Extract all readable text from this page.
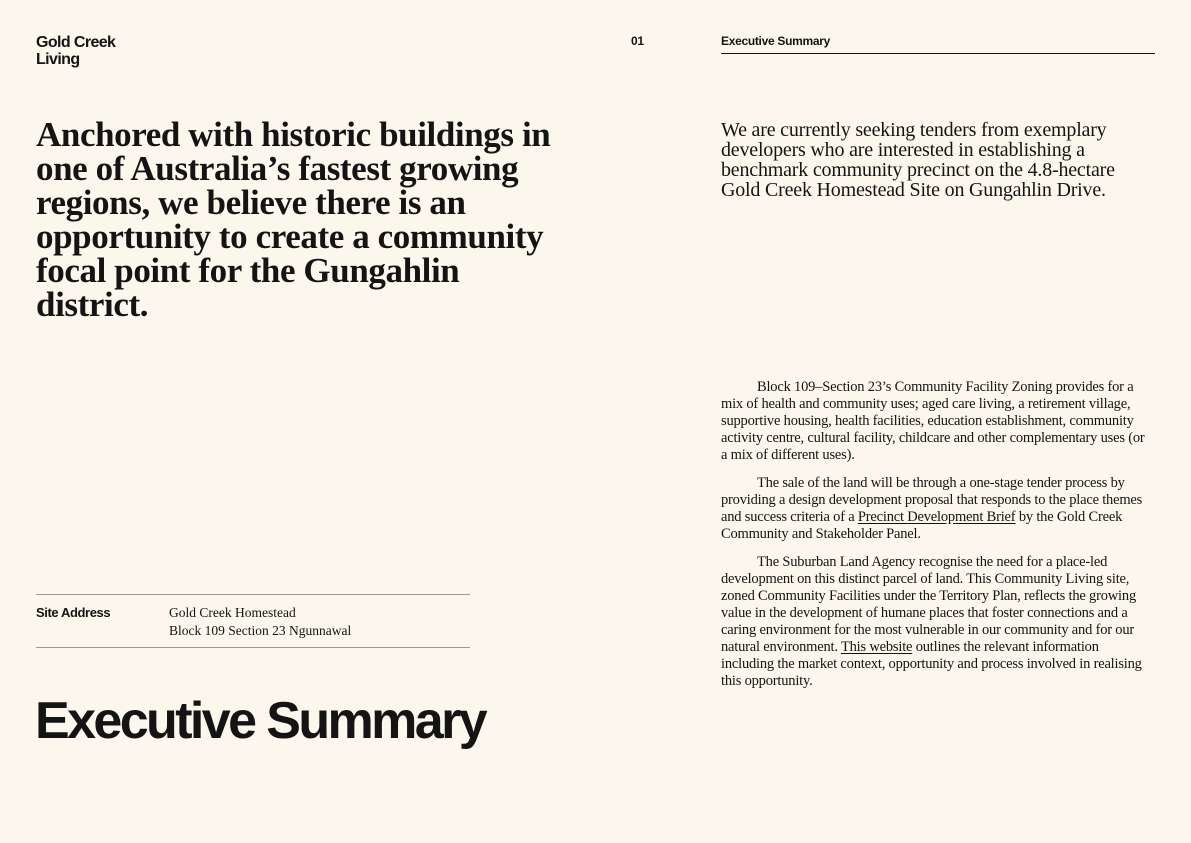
Gold Creek
Living
01	Executive Summary
Anchored with historic buildings in one of Australia’s fastest growing regions, we believe there is an opportunity to create a community focal point for the Gungahlin district.

We are currently seeking tenders from exemplary developers who are interested in establishing a benchmark community precinct on the 4.8-hectare Gold Creek Homestead Site on Gungahlin Drive.

Block 109–Section 23’s Community Facility Zoning provides for a mix of health and community uses; aged care living, a retirement village, supportive housing, health facilities, education establishment, community activity centre, cultural facility, childcare and other complementary uses (or a mix of different uses).

The sale of the land will be through a one-stage tender process by providing a design development proposal that responds to the place themes and success criteria of a Precinct Development Brief by the Gold Creek Community and Stakeholder Panel.

The Suburban Land Agency recognise the need for a place-led development on this distinct parcel of land. This Community Living site, zoned Community Facilities under the Territory Plan, reflects the growing value in the development of humane places that foster connections and a caring environment for the most vulnerable in our community and for our natural environment. This website outlines the relevant information including the market context, opportunity and process involved in realising this opportunity.

Site Address	Gold Creek Homestead
Block 109 Section 23 Ngunnawal
Executive Summary
